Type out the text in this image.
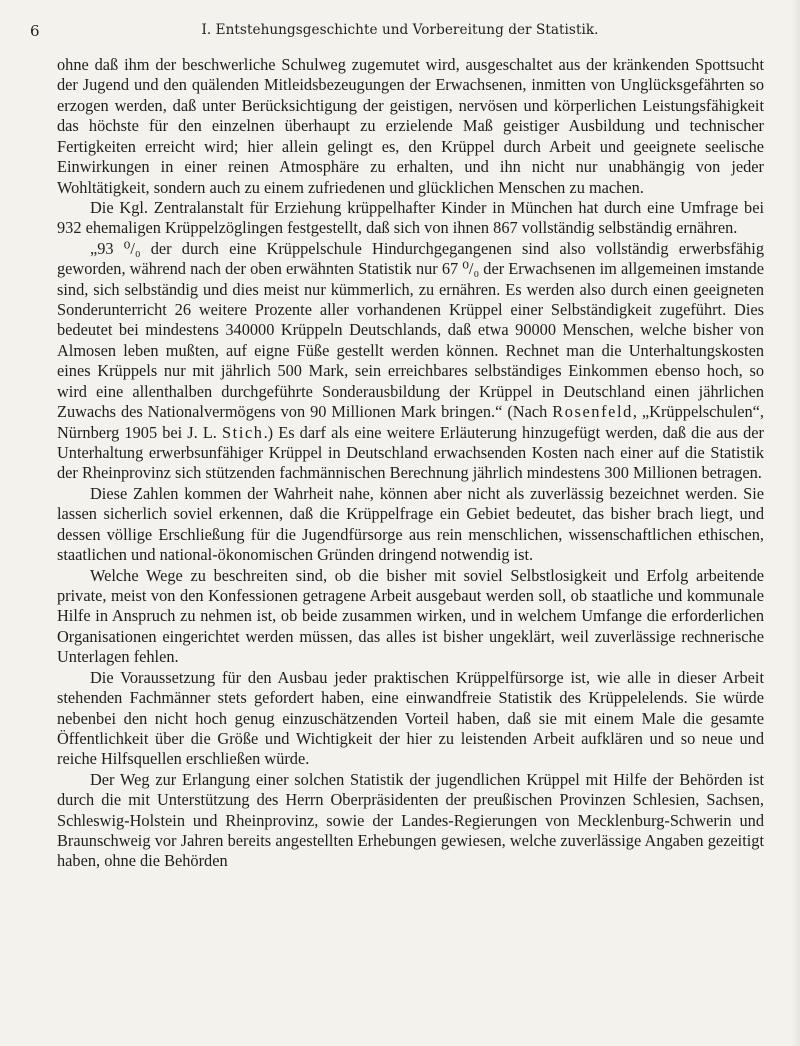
6	I. Entstehungsgeschichte und Vorbereitung der Statistik.

ohne daß ihm der beschwerliche Schulweg zugemutet wird, ausgeschaltet aus der kränkenden Spottsucht der Jugend und den quälenden Mitleidsbezeugungen der Erwachsenen, inmitten von Unglücksgefährten so erzogen werden, daß unter Berücksichtigung der geistigen, nervösen und körperlichen Leistungsfähigkeit das höchste für den einzelnen überhaupt zu erzielende Maß geistiger Ausbildung und technischer Fertigkeiten erreicht wird; hier allein gelingt es, den Krüppel durch Arbeit und geeignete seelische Einwirkungen in einer reinen Atmosphäre zu erhalten, und ihn nicht nur unabhängig von jeder Wohltätigkeit, sondern auch zu einem zufriedenen und glücklichen Menschen zu machen.

Die Kgl. Zentralanstalt für Erziehung krüppelhafter Kinder in München hat durch eine Umfrage bei 932 ehemaligen Krüppelzöglingen festgestellt, daß sich von ihnen 867 vollständig selbständig ernähren.

„93 ⁰/₀ der durch eine Krüppelschule Hindurchgegangenen sind also vollständig erwerbsfähig geworden, während nach der oben erwähnten Statistik nur 67 ⁰/₀ der Erwachsenen im allgemeinen imstande sind, sich selbständig und dies meist nur kümmerlich, zu ernähren. Es werden also durch einen geeigneten Sonderunterricht 26 weitere Prozente aller vorhandenen Krüppel einer Selbständigkeit zugeführt. Dies bedeutet bei mindestens 340000 Krüppeln Deutschlands, daß etwa 90000 Menschen, welche bisher von Almosen leben mußten, auf eigne Füße gestellt werden können. Rechnet man die Unterhaltungskosten eines Krüppels nur mit jährlich 500 Mark, sein erreichbares selbständiges Einkommen ebenso hoch, so wird eine allenthalben durchgeführte Sonderausbildung der Krüppel in Deutschland einen jährlichen Zuwachs des Nationalvermögens von 90 Millionen Mark bringen.“ (Nach Rosenfeld, „Krüppelschulen“, Nürnberg 1905 bei J. L. Stich.) Es darf als eine weitere Erläuterung hinzugefügt werden, daß die aus der Unterhaltung erwerbsunfähiger Krüppel in Deutschland erwachsenden Kosten nach einer auf die Statistik der Rheinprovinz sich stützenden fachmännischen Berechnung jährlich mindestens 300 Millionen betragen.

Diese Zahlen kommen der Wahrheit nahe, können aber nicht als zuverlässig bezeichnet werden. Sie lassen sicherlich soviel erkennen, daß die Krüppelfrage ein Gebiet bedeutet, das bisher brach liegt, und dessen völlige Erschließung für die Jugendfürsorge aus rein menschlichen, wissenschaftlichen ethischen, staatlichen und national-ökonomischen Gründen dringend notwendig ist.

Welche Wege zu beschreiten sind, ob die bisher mit soviel Selbstlosigkeit und Erfolg arbeitende private, meist von den Konfessionen getragene Arbeit ausgebaut werden soll, ob staatliche und kommunale Hilfe in Anspruch zu nehmen ist, ob beide zusammen wirken, und in welchem Umfange die erforderlichen Organisationen eingerichtet werden müssen, das alles ist bisher ungeklärt, weil zuverlässige rechnerische Unterlagen fehlen.

Die Voraussetzung für den Ausbau jeder praktischen Krüppelfürsorge ist, wie alle in dieser Arbeit stehenden Fachmänner stets gefordert haben, eine einwandfreie Statistik des Krüppelelends. Sie würde nebenbei den nicht hoch genug einzuschätzenden Vorteil haben, daß sie mit einem Male die gesamte Öffentlichkeit über die Größe und Wichtigkeit der hier zu leistenden Arbeit aufklären und so neue und reiche Hilfsquellen erschließen würde.

Der Weg zur Erlangung einer solchen Statistik der jugendlichen Krüppel mit Hilfe der Behörden ist durch die mit Unterstützung des Herrn Oberpräsidenten der preußischen Provinzen Schlesien, Sachsen, Schleswig-Holstein und Rheinprovinz, sowie der Landes-Regierungen von Mecklenburg-Schwerin und Braunschweig vor Jahren bereits angestellten Erhebungen gewiesen, welche zuverlässige Angaben gezeitigt haben, ohne die Behörden
